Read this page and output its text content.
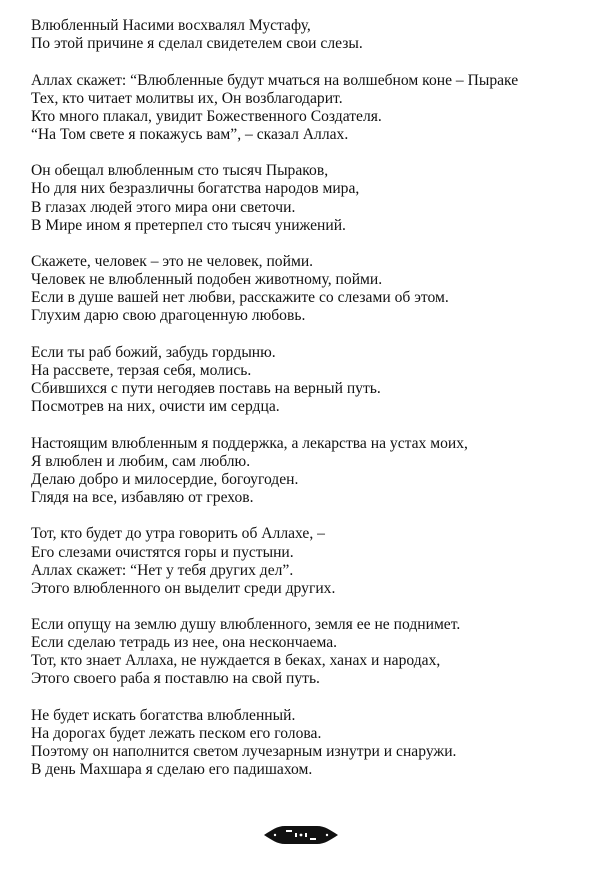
Влюбленный Насими восхвалял Мустафу,
По этой причине я сделал свидетелем свои слезы.
Аллах скажет: “Влюбленные будут мчаться на волшебном коне – Пыраке
Тех, кто читает молитвы их, Он возблагодарит.
Кто много плакал, увидит Божественного Создателя.
“На Том свете я покажусь вам”, – сказал Аллах.
Он обещал влюбленным сто тысяч Пыраков,
Но для них безразличны богатства народов мира,
В глазах людей этого мира они светочи.
В Мире ином я претерпел сто тысяч унижений.
Скажете, человек – это не человек, пойми.
Человек не влюбленный подобен животному, пойми.
Если в душе вашей нет любви, расскажите со слезами об этом.
Глухим дарю свою драгоценную любовь.
Если ты раб божий, забудь гордыню.
На рассвете, терзая себя, молись.
Сбившихся с пути негодяев поставь на верный путь.
Посмотрев на них, очисти им сердца.
Настоящим влюбленным я поддержка, а лекарства на устах моих,
Я влюблен и любим, сам люблю.
Делаю добро и милосердие, богоугоден.
Глядя на все, избавляю от грехов.
Тот, кто будет до утра говорить об Аллахе, –
Его слезами очистятся горы и пустыни.
Аллах скажет: “Нет у тебя других дел”.
Этого влюбленного он выделит среди других.
Если опущу на землю душу влюбленного, земля ее не поднимет.
Если сделаю тетрадь из нее, она нескончаема.
Тот, кто знает Аллаха, не нуждается в беках, ханах и народах,
Этого своего раба я поставлю на свой путь.
Не будет искать богатства влюбленный.
На дорогах будет лежать песком его голова.
Поэтому он наполнится светом лучезарным изнутри и снаружи.
В день Махшара я сделаю его падишахом.
